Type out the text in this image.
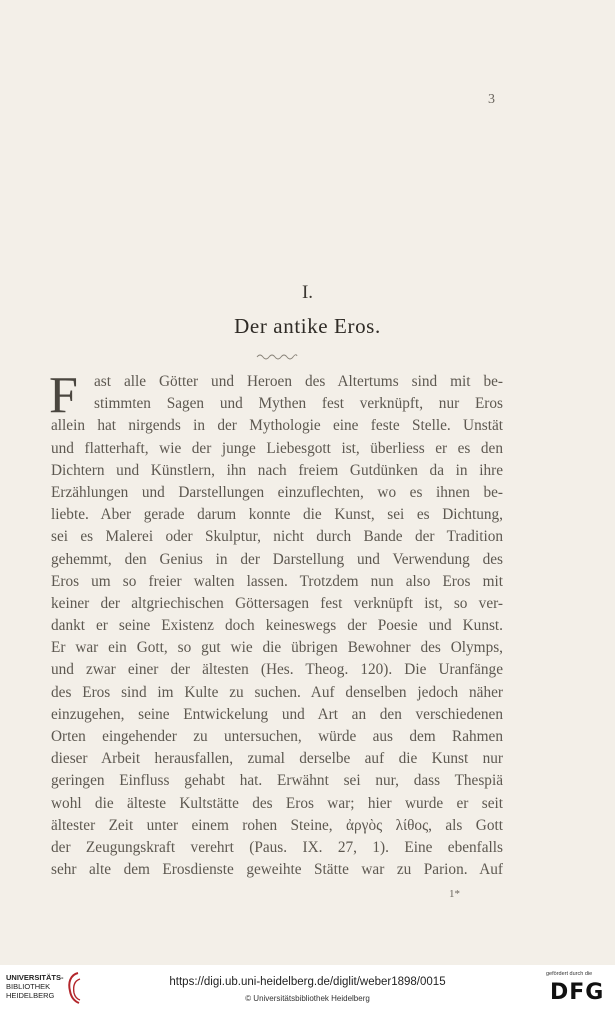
3
I.
Der antike Eros.
F	ast alle Götter und Heroen des Altertums sind mit be-
stimmten Sagen und Mythen fest verknüpft, nur Eros
allein hat nirgends in der Mythologie eine feste Stelle. Unstät
und flatterhaft, wie der junge Liebesgott ist, überliess er es den
Dichtern und Künstlern, ihn nach freiem Gutdünken da in ihre
Erzählungen und Darstellungen einzuflechten, wo es ihnen be-
liebte. Aber gerade darum konnte die Kunst, sei es Dichtung,
sei es Malerei oder Skulptur, nicht durch Bande der Tradition
gehemmt, den Genius in der Darstellung und Verwendung des
Eros um so freier walten lassen. Trotzdem nun also Eros mit
keiner der altgriechischen Göttersagen fest verknüpft ist, so ver-
dankt er seine Existenz doch keineswegs der Poesie und Kunst.
Er war ein Gott, so gut wie die übrigen Bewohner des Olymps,
und zwar einer der ältesten (Hes. Theog. 120). Die Uranfänge
des Eros sind im Kulte zu suchen. Auf denselben jedoch näher
einzugehen, seine Entwickelung und Art an den verschiedenen
Orten eingehender zu untersuchen, würde aus dem Rahmen
dieser Arbeit herausfallen, zumal derselbe auf die Kunst nur
geringen Einfluss gehabt hat. Erwähnt sei nur, dass Thespiä
wohl die älteste Kultstätte des Eros war; hier wurde er seit
ältester Zeit unter einem rohen Steine, ἀργὸς λίθος, als Gott
der Zeugungskraft verehrt (Paus. IX. 27, 1). Eine ebenfalls
sehr alte dem Erosdienste geweihte Stätte war zu Parion. Auf
1*
UNIVERSITÄTS-
BIBLIOTHEK
HEIDELBERG
https://digi.ub.uni-heidelberg.de/diglit/weber1898/0015
© Universitätsbibliothek Heidelberg
gefördert durch die
DFG
